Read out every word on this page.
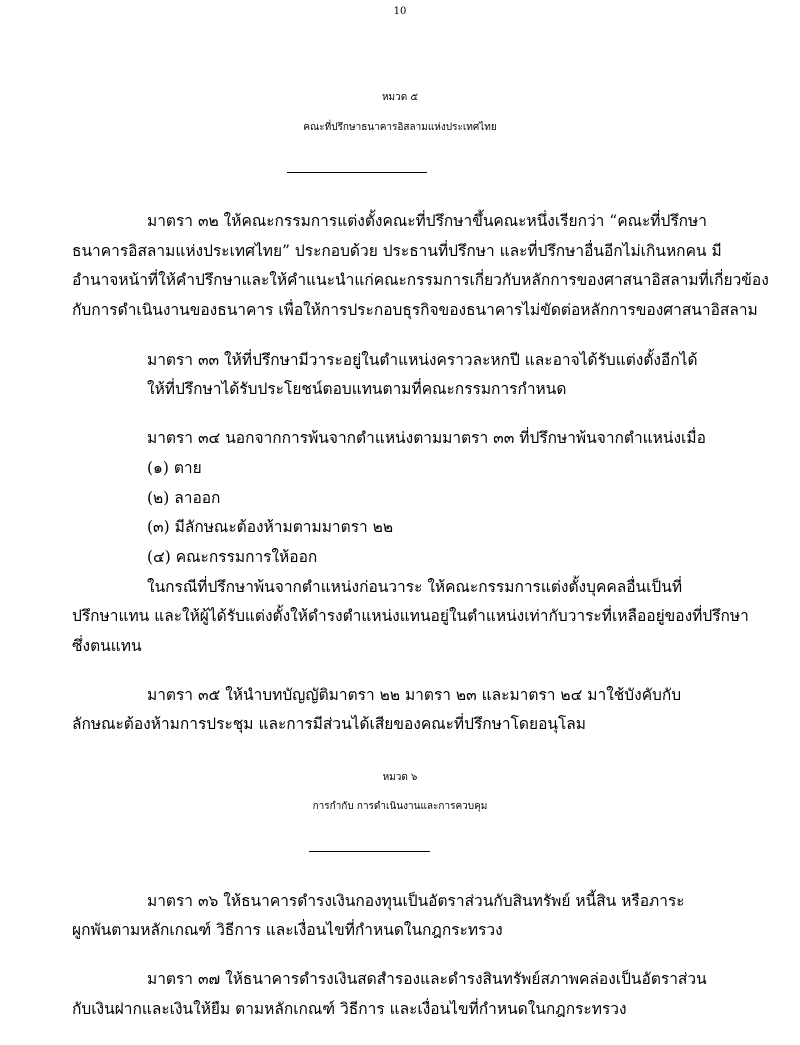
10
หมวด ๕
คณะที่ปรึกษาธนาคารอิสลามแห่งประเทศไทย
มาตรา ๓๒ ให้คณะกรรมการแต่งตั้งคณะที่ปรึกษาขึ้นคณะหนึ่งเรียกว่า “คณะที่ปรึกษา
ธนาคารอิสลามแห่งประเทศไทย” ประกอบด้วย ประธานที่ปรึกษา และที่ปรึกษาอื่นอีกไม่เกินหกคน มี
อำนาจหน้าที่ให้คำปรึกษาและให้คำแนะนำแก่คณะกรรมการเกี่ยวกับหลักการของศาสนาอิสลามที่เกี่ยวข้อง
กับการดำเนินงานของธนาคาร เพื่อให้การประกอบธุรกิจของธนาคารไม่ขัดต่อหลักการของศาสนาอิสลาม
มาตรา ๓๓ ให้ที่ปรึกษามีวาระอยู่ในตำแหน่งคราวละหกปี และอาจได้รับแต่งตั้งอีกได้
ให้ที่ปรึกษาได้รับประโยชน์ตอบแทนตามที่คณะกรรมการกำหนด
มาตรา ๓๔ นอกจากการพ้นจากตำแหน่งตามมาตรา ๓๓ ที่ปรึกษาพ้นจากตำแหน่งเมื่อ
(๑) ตาย
(๒) ลาออก
(๓) มีลักษณะต้องห้ามตามมาตรา ๒๒
(๔) คณะกรรมการให้ออก
ในกรณีที่ปรึกษาพ้นจากตำแหน่งก่อนวาระ ให้คณะกรรมการแต่งตั้งบุคคลอื่นเป็นที่
ปรึกษาแทน และให้ผู้ได้รับแต่งตั้งให้ดำรงตำแหน่งแทนอยู่ในตำแหน่งเท่ากับวาระที่เหลืออยู่ของที่ปรึกษา
ซึ่งตนแทน
มาตรา ๓๕ ให้นำบทบัญญัติมาตรา ๒๒ มาตรา ๒๓ และมาตรา ๒๔ มาใช้บังคับกับ
ลักษณะต้องห้ามการประชุม และการมีส่วนได้เสียของคณะที่ปรึกษาโดยอนุโลม
หมวด ๖
การกำกับ การดำเนินงานและการควบคุม
มาตรา ๓๖ ให้ธนาคารดำรงเงินกองทุนเป็นอัตราส่วนกับสินทรัพย์ หนี้สิน หรือภาระ
ผูกพันตามหลักเกณฑ์ วิธีการ และเงื่อนไขที่กำหนดในกฎกระทรวง
มาตรา ๓๗ ให้ธนาคารดำรงเงินสดสำรองและดำรงสินทรัพย์สภาพคล่องเป็นอัตราส่วน
กับเงินฝากและเงินให้ยืม ตามหลักเกณฑ์ วิธีการ และเงื่อนไขที่กำหนดในกฎกระทรวง
